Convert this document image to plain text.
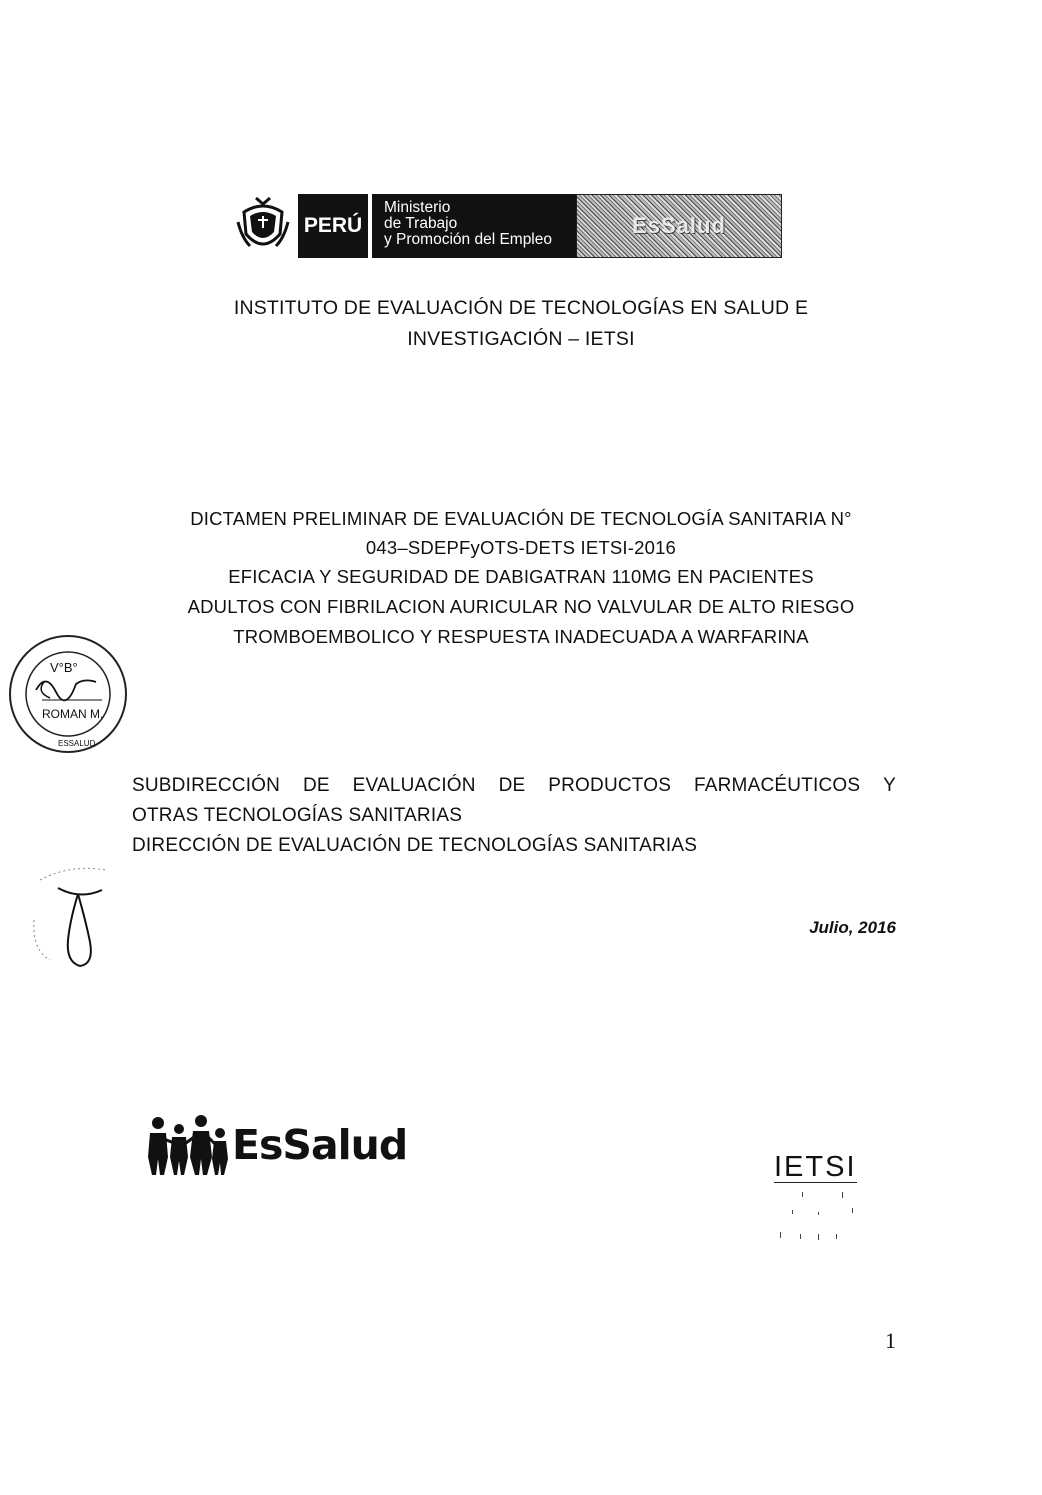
PERÚ
Ministerio
de Trabajo
y Promoción del Empleo
EsSalud
INSTITUTO DE EVALUACIÓN DE TECNOLOGÍAS EN SALUD E
INVESTIGACIÓN – IETSI
DICTAMEN PRELIMINAR DE EVALUACIÓN DE TECNOLOGÍA SANITARIA N°
043–SDEPFyOTS-DETS IETSI-2016
EFICACIA Y SEGURIDAD DE DABIGATRAN 110MG EN PACIENTES
ADULTOS CON FIBRILACION AURICULAR NO VALVULAR DE ALTO RIESGO
TROMBOEMBOLICO Y RESPUESTA INADECUADA A WARFARINA
V°B°
ROMAN M.
ESSALUD
SUBDIRECCIÓN DE EVALUACIÓN DE PRODUCTOS FARMACÉUTICOS Y
OTRAS TECNOLOGÍAS SANITARIAS
DIRECCIÓN DE EVALUACIÓN DE TECNOLOGÍAS SANITARIAS
Julio, 2016
EsSalud	IETSI
1
